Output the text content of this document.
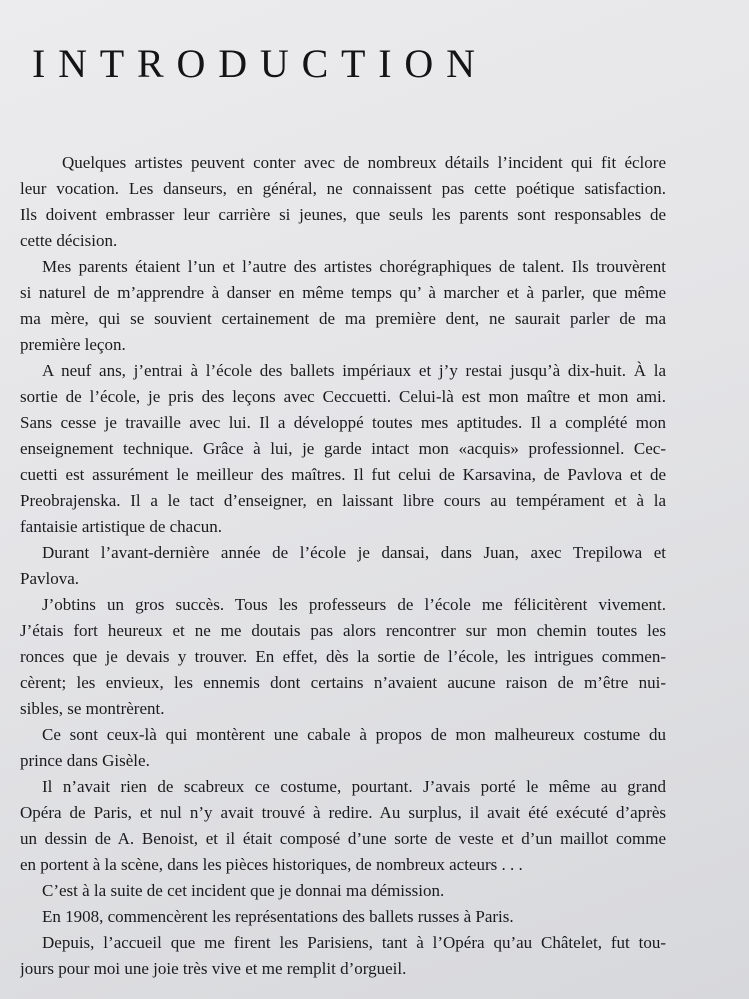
INTRODUCTION
Quelques artistes peuvent conter avec de nombreux détails l’incident qui fit éclore
leur vocation. Les danseurs, en général, ne connaissent pas cette poétique satisfaction.
Ils doivent embrasser leur carrière si jeunes, que seuls les parents sont responsables de
cette décision.
Mes parents étaient l’un et l’autre des artistes chorégraphiques de talent. Ils trouvèrent
si naturel de m’apprendre à danser en même temps qu’ à marcher et à parler, que même
ma mère, qui se souvient certainement de ma première dent, ne saurait parler de ma
première leçon.
A neuf ans, j’entrai à l’école des ballets impériaux et j’y restai jusqu’à dix-huit. À la
sortie de l’école, je pris des leçons avec Ceccuetti. Celui-là est mon maître et mon ami.
Sans cesse je travaille avec lui. Il a développé toutes mes aptitudes. Il a complété mon
enseignement technique. Grâce à lui, je garde intact mon «acquis» professionnel. Cec-
cuetti est assurément le meilleur des maîtres. Il fut celui de Karsavina, de Pavlova et de
Preobrajenska. Il a le tact d’enseigner, en laissant libre cours au tempérament et à la
fantaisie artistique de chacun.
Durant l’avant-dernière année de l’école je dansai, dans Juan, axec Trepilowa et
Pavlova.
J’obtins un gros succès. Tous les professeurs de l’école me félicitèrent vivement.
J’étais fort heureux et ne me doutais pas alors rencontrer sur mon chemin toutes les
ronces que je devais y trouver. En effet, dès la sortie de l’école, les intrigues commen-
cèrent; les envieux, les ennemis dont certains n’avaient aucune raison de m’être nui-
sibles, se montrèrent.
Ce sont ceux-là qui montèrent une cabale à propos de mon malheureux costume du
prince dans Gisèle.
Il n’avait rien de scabreux ce costume, pourtant. J’avais porté le même au grand
Opéra de Paris, et nul n’y avait trouvé à redire. Au surplus, il avait été exécuté d’après
un dessin de A. Benoist, et il était composé d’une sorte de veste et d’un maillot comme
en portent à la scène, dans les pièces historiques, de nombreux acteurs . . .
C’est à la suite de cet incident que je donnai ma démission.
En 1908, commencèrent les représentations des ballets russes à Paris.
Depuis, l’accueil que me firent les Parisiens, tant à l’Opéra qu’au Châtelet, fut tou-
jours pour moi une joie très vive et me remplit d’orgueil.
